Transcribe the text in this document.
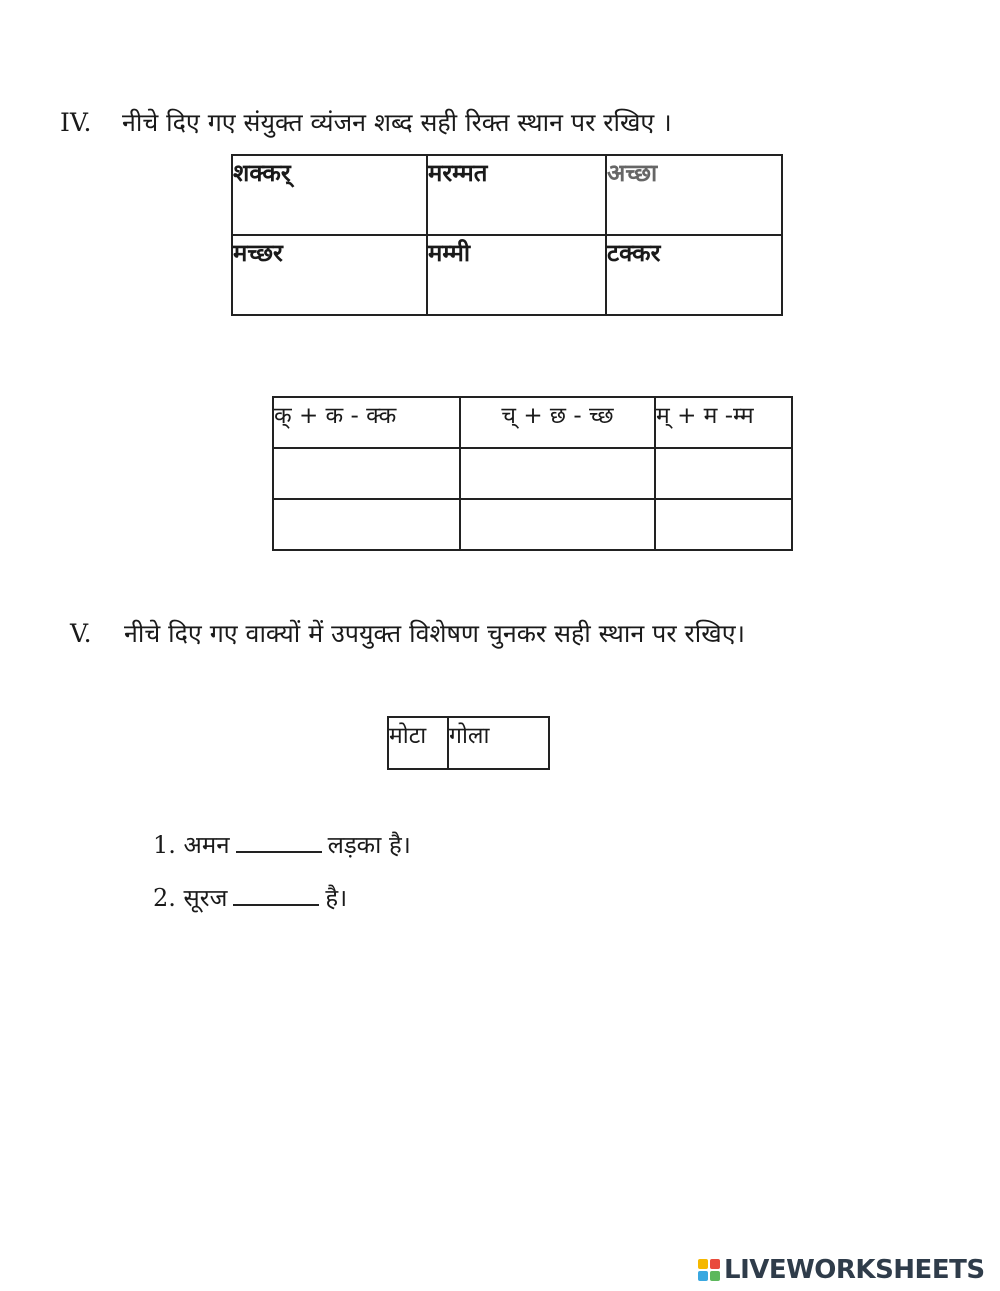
IV. नीचे दिए गए संयुक्त व्यंजन शब्द सही रिक्त स्थान पर रखिए ।
शक्कर्	मरम्मत	अच्छा
मच्छर	मम्मी	टक्कर
क् + क - क्क	च् + छ - च्छ	म् + म -म्म

V. नीचे दिए गए वाक्यों में उपयुक्त विशेषण चुनकर सही स्थान पर रखिए।
मोटा	गोला
1. अमन	लड़का है।
2. सूरज	है।
LIVEWORKSHEETS
